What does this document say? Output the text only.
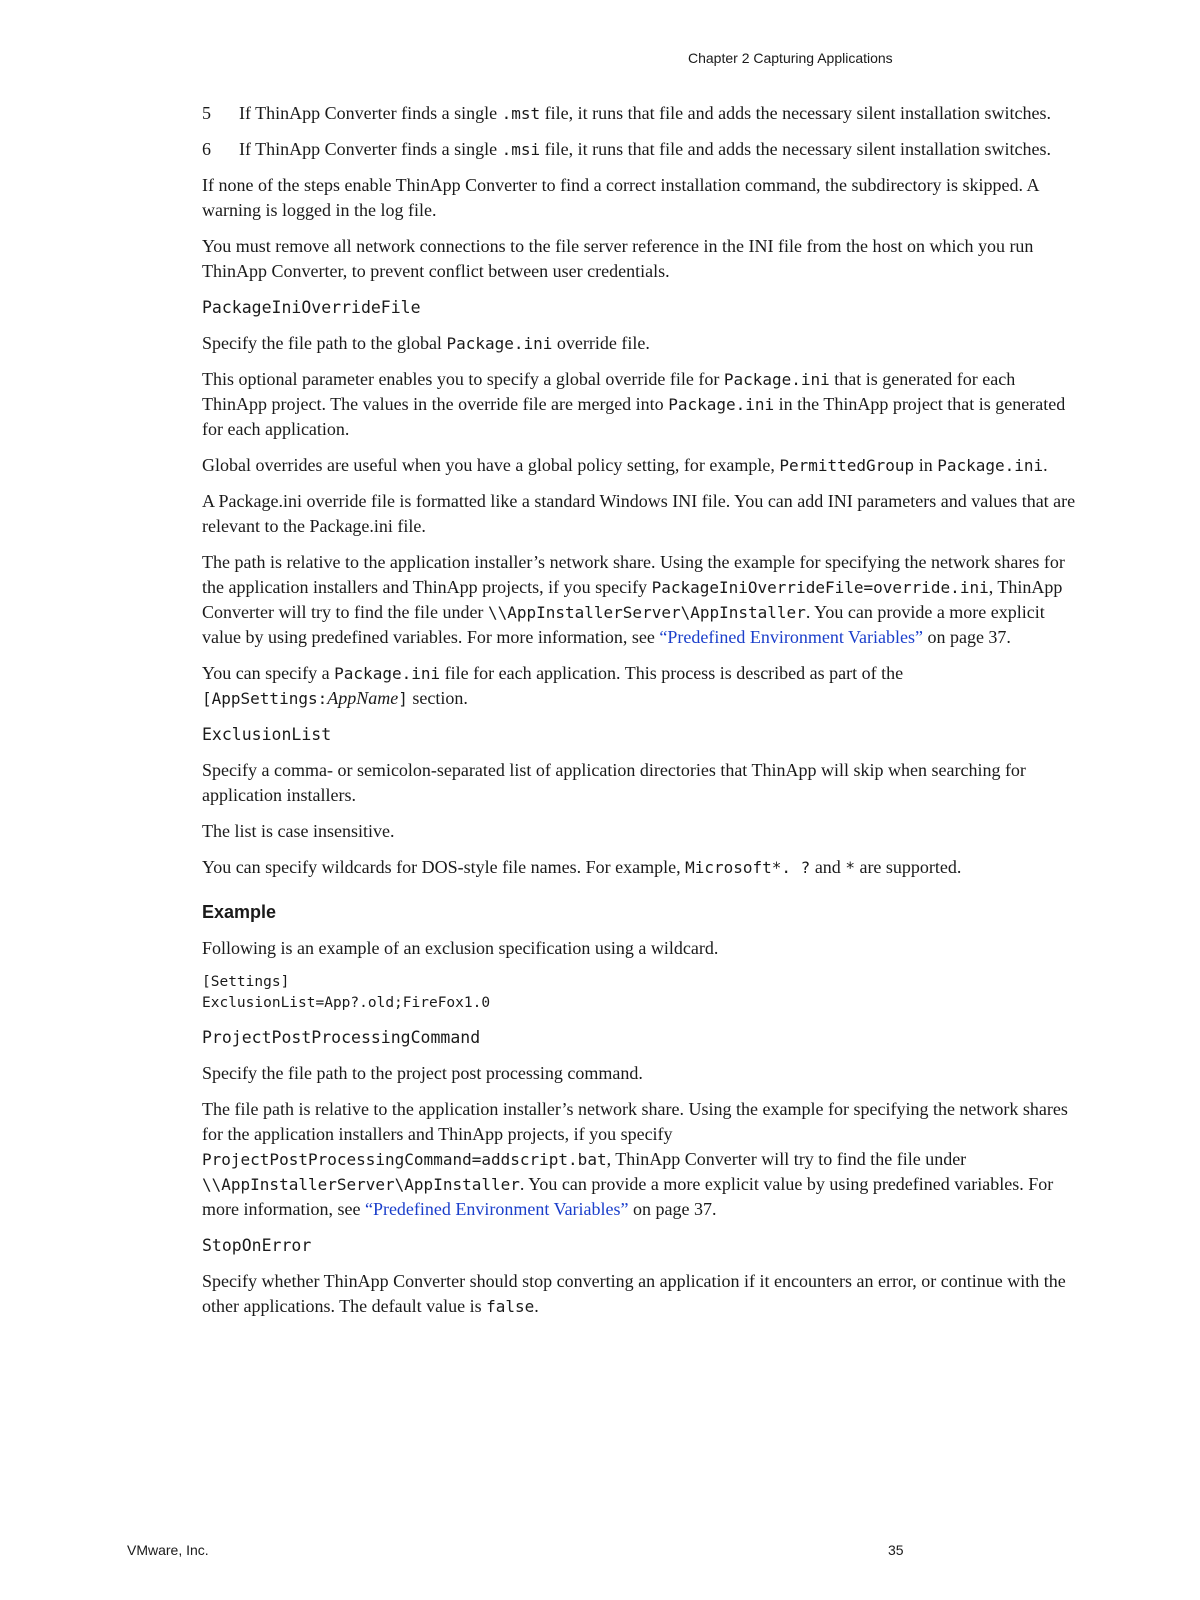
Chapter 2 Capturing Applications
5 If ThinApp Converter finds a single .mst file, it runs that file and adds the necessary silent installation switches.
6 If ThinApp Converter finds a single .msi file, it runs that file and adds the necessary silent installation switches.

If none of the steps enable ThinApp Converter to find a correct installation command, the subdirectory is skipped. A warning is logged in the log file.

You must remove all network connections to the file server reference in the INI file from the host on which you run ThinApp Converter, to prevent conflict between user credentials.

PackageIniOverrideFile

Specify the file path to the global Package.ini override file.

This optional parameter enables you to specify a global override file for Package.ini that is generated for each ThinApp project. The values in the override file are merged into Package.ini in the ThinApp project that is generated for each application.

Global overrides are useful when you have a global policy setting, for example, PermittedGroup in Package.ini.

A Package.ini override file is formatted like a standard Windows INI file. You can add INI parameters and values that are relevant to the Package.ini file.

The path is relative to the application installer’s network share. Using the example for specifying the network shares for the application installers and ThinApp projects, if you specify PackageIniOverrideFile=override.ini, ThinApp Converter will try to find the file under \\AppInstallerServer\AppInstaller. You can provide a more explicit value by using predefined variables. For more information, see “Predefined Environment Variables” on page 37.

You can specify a Package.ini file for each application. This process is described as part of the [AppSettings:AppName] section.

ExclusionList

Specify a comma- or semicolon-separated list of application directories that ThinApp will skip when searching for application installers.

The list is case insensitive.

You can specify wildcards for DOS-style file names. For example, Microsoft*. ? and * are supported.

Example

Following is an example of an exclusion specification using a wildcard.

[Settings]
ExclusionList=App?.old;FireFox1.0
ProjectPostProcessingCommand

Specify the file path to the project post processing command.

The file path is relative to the application installer’s network share. Using the example for specifying the network shares for the application installers and ThinApp projects, if you specify ProjectPostProcessingCommand=addscript.bat, ThinApp Converter will try to find the file under \\AppInstallerServer\AppInstaller. You can provide a more explicit value by using predefined variables. For more information, see “Predefined Environment Variables” on page 37.

StopOnError

Specify whether ThinApp Converter should stop converting an application if it encounters an error, or continue with the other applications. The default value is false.

VMware, Inc.	35
